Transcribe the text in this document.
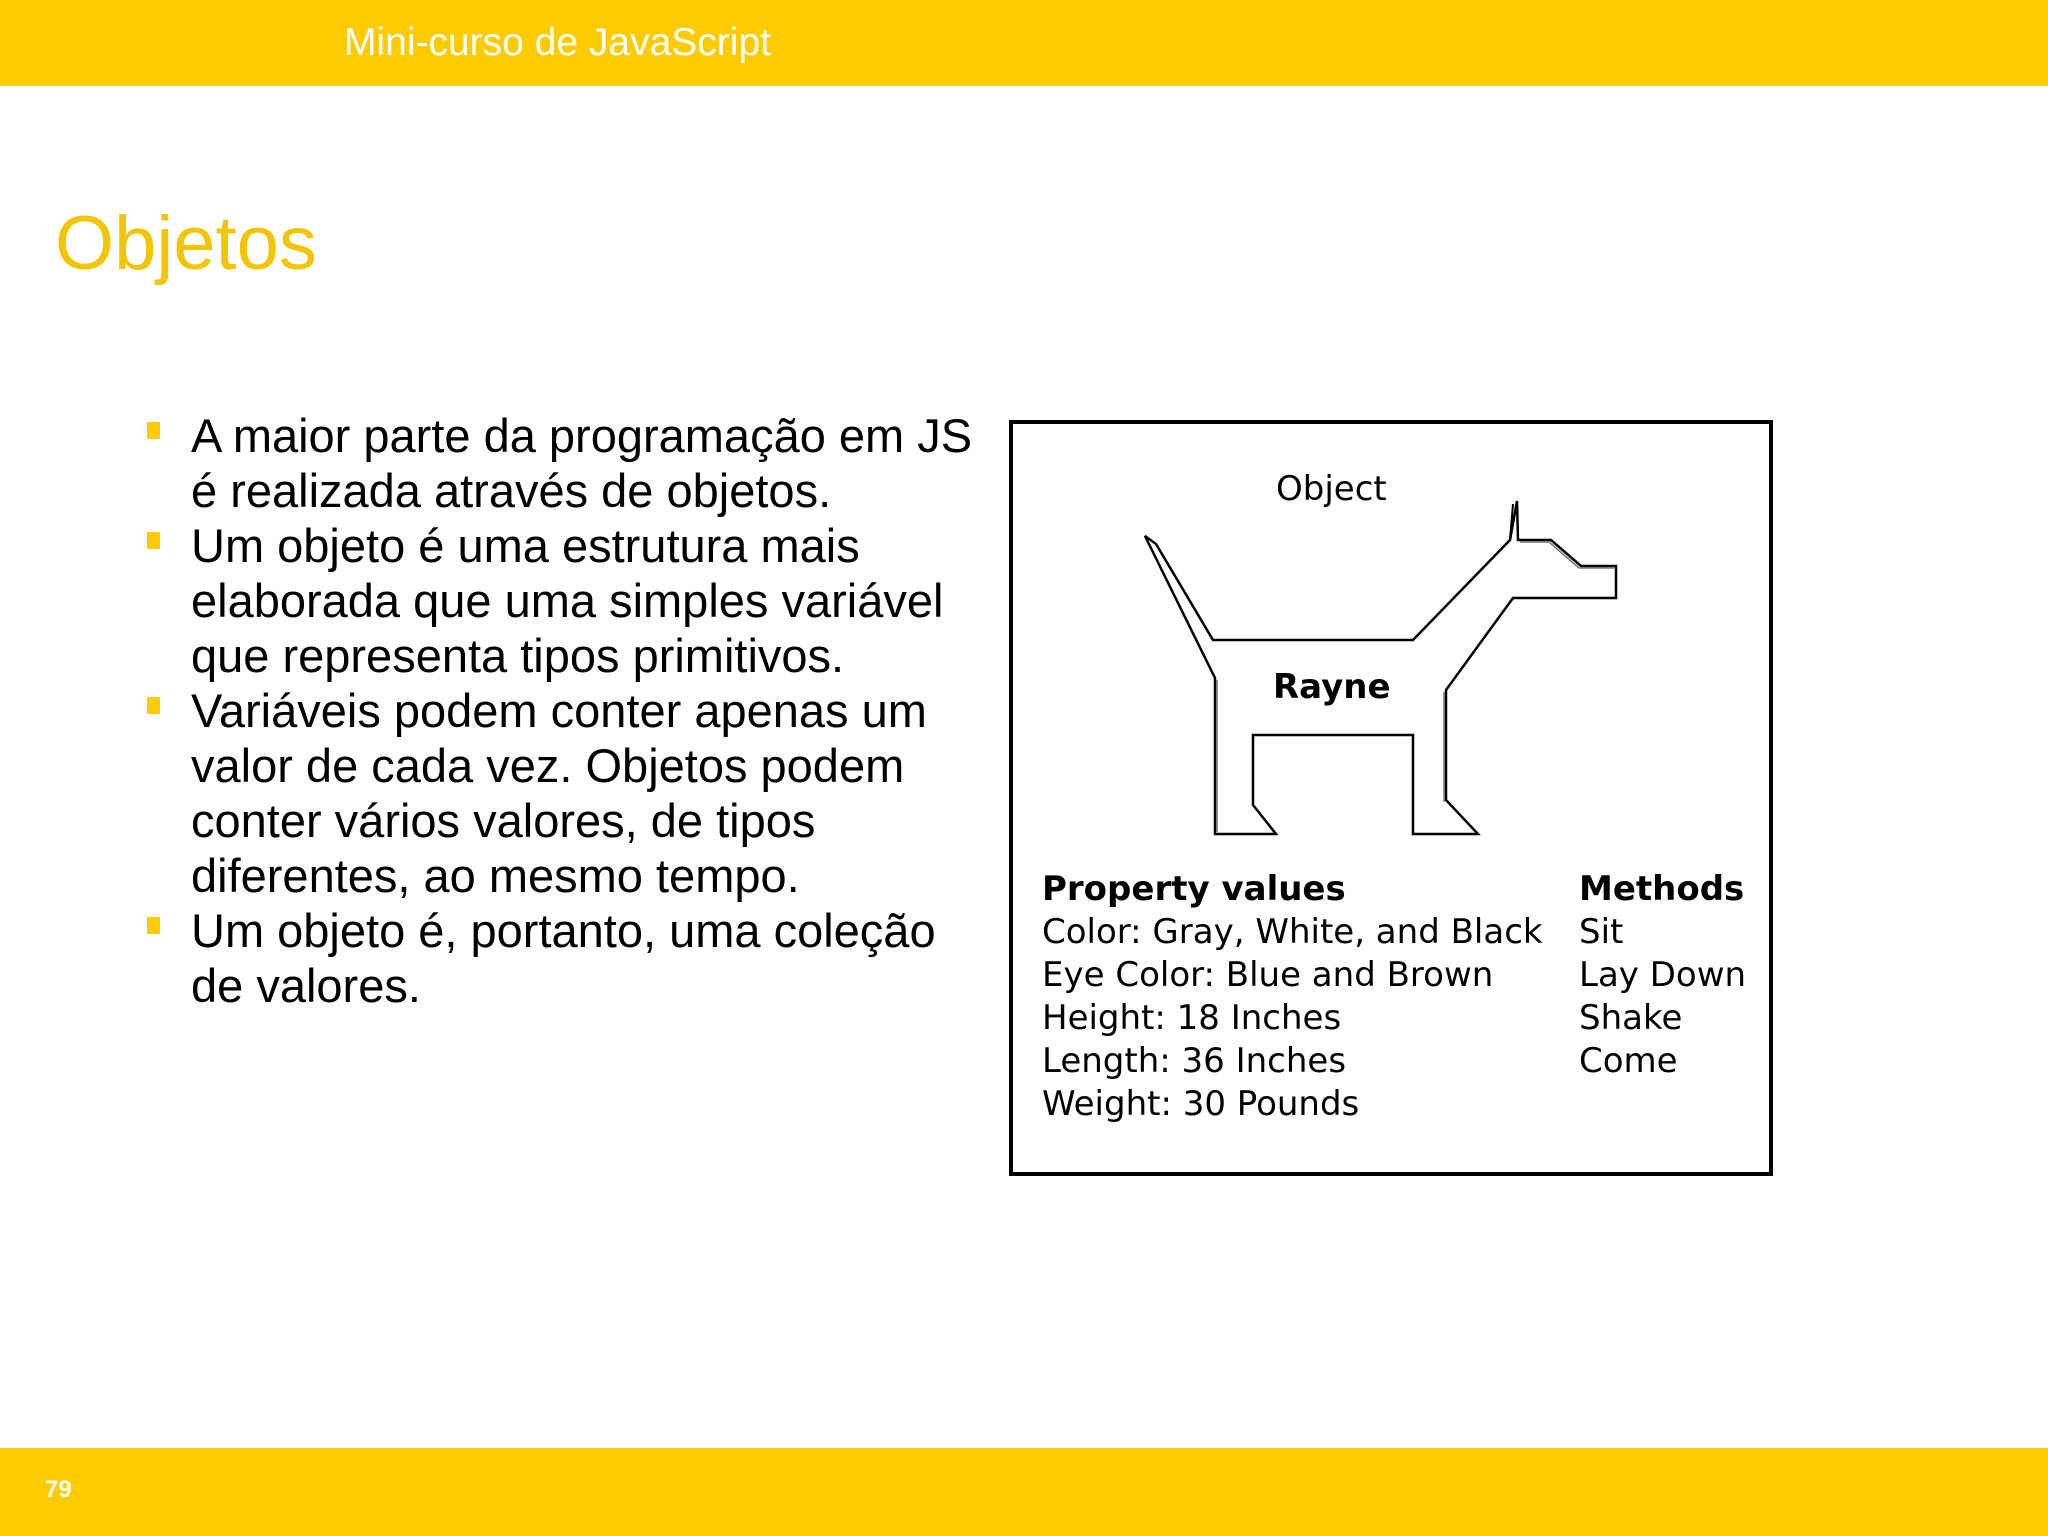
Mini-curso de JavaScript
Objetos
A maior parte da programação em JS é realizada através de objetos.
Um objeto é uma estrutura mais elaborada que uma simples variável que representa tipos primitivos.
Variáveis podem conter apenas um valor de cada vez. Objetos podem conter vários valores, de tipos diferentes, ao mesmo tempo.
Um objeto é, portanto, uma coleção de valores.
Object
Rayne
Property values
Color: Gray, White, and Black
Eye Color: Blue and Brown
Height: 18 Inches
Length: 36 Inches
Weight: 30 Pounds
Methods
Sit
Lay Down
Shake
Come
79
